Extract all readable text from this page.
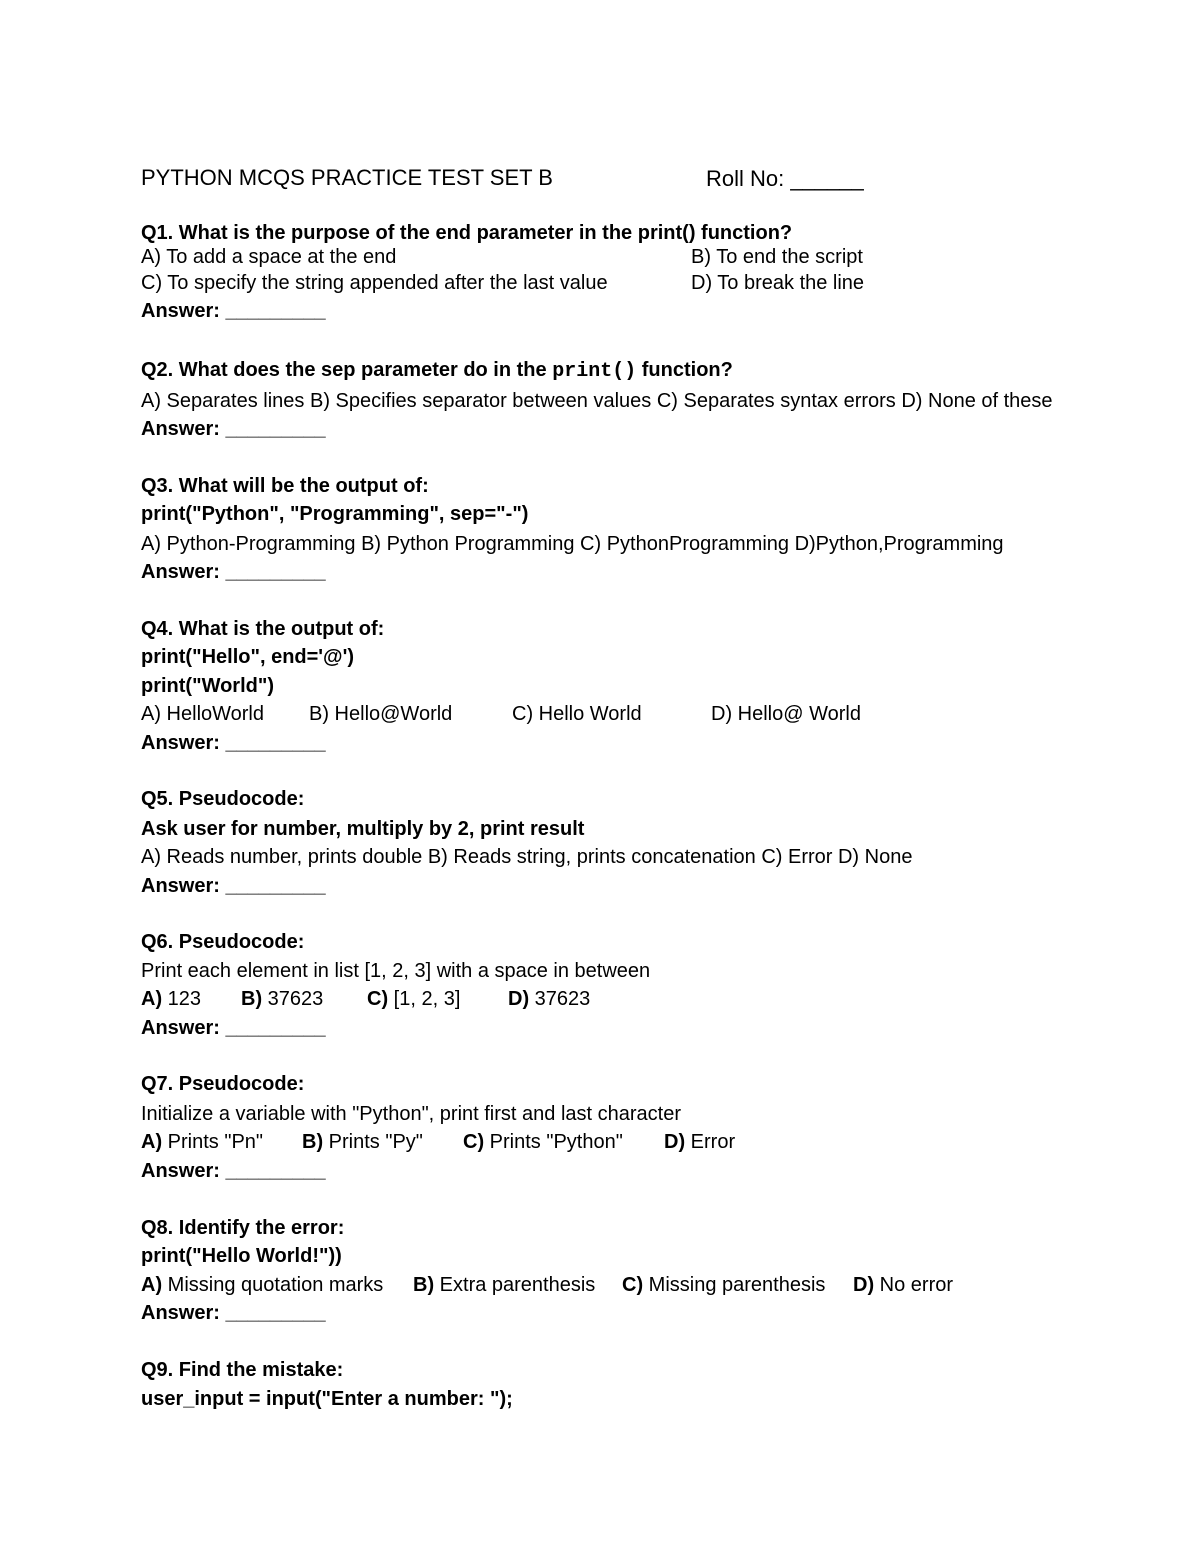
PYTHON MCQS PRACTICE TEST SET B	Roll No: ______
Q1. What is the purpose of the end parameter in the print() function?
A) To add a space at the end	B) To end the script
C) To specify the string appended after the last value	D) To break the line
Answer: _________
Q2. What does the sep parameter do in the print() function?
A) Separates lines B) Specifies separator between values C) Separates syntax errors D) None of these
Answer: _________
Q3. What will be the output of:
print("Python", "Programming", sep="-")
A) Python-Programming B) Python Programming C) PythonProgramming D)Python,Programming
Answer: _________
Q4. What is the output of:
print("Hello", end='@')
print("World")
A) HelloWorld B) Hello@World	C) Hello World	D) Hello@ World
Answer: _________
Q5. Pseudocode:
Ask user for number, multiply by 2, print result
A) Reads number, prints double B) Reads string, prints concatenation C) Error D) None
Answer: _________
Q6. Pseudocode:
Print each element in list [1, 2, 3] with a space in between
A) 123 B) 37623 C) [1, 2, 3] D) 37623
Answer: _________
Q7. Pseudocode:
Initialize a variable with "Python", print first and last character
A) Prints "Pn" B) Prints "Py" C) Prints "Python" D) Error
Answer: _________
Q8. Identify the error:
print("Hello World!"))
A) Missing quotation marks B) Extra parenthesis C) Missing parenthesis D) No error
Answer: _________
Q9. Find the mistake:
user_input = input("Enter a number: ");
